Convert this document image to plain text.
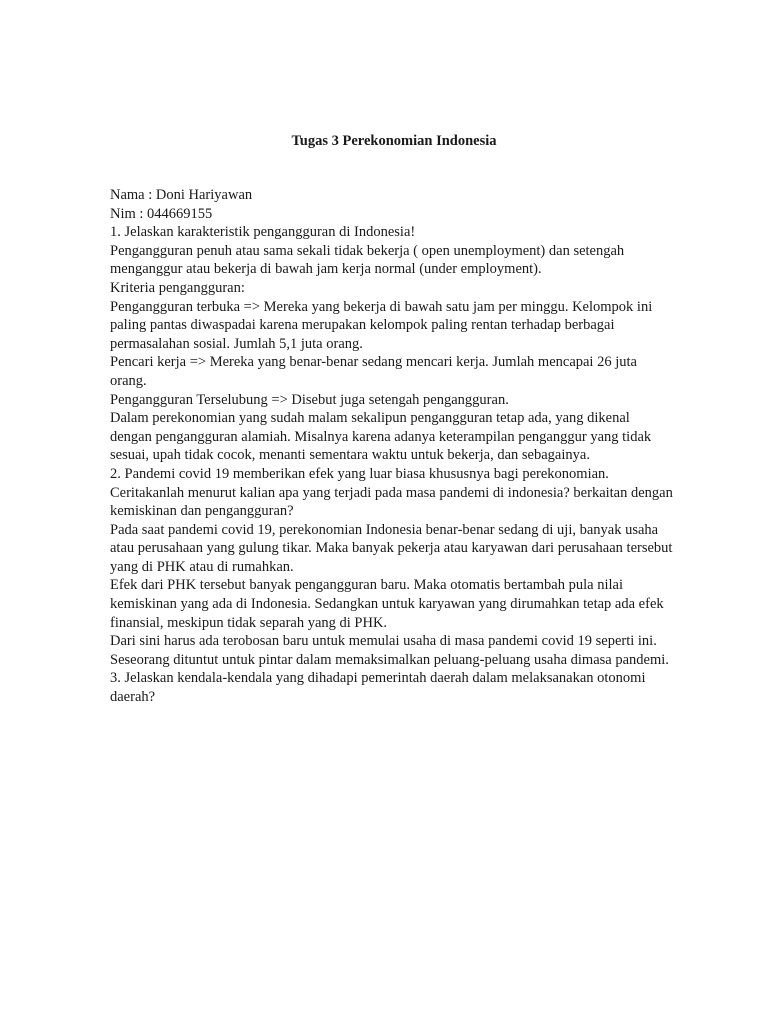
Tugas 3 Perekonomian Indonesia

Nama : Doni Hariyawan

Nim : 044669155

1. Jelaskan karakteristik pengangguran di Indonesia!

Pengangguran penuh atau sama sekali tidak bekerja ( open unemployment) dan setengah menganggur atau bekerja di bawah jam kerja normal (under employment).

Kriteria pengangguran:

Pengangguran terbuka => Mereka yang bekerja di bawah satu jam per minggu. Kelompok ini paling pantas diwaspadai karena merupakan kelompok paling rentan terhadap berbagai permasalahan sosial. Jumlah 5,1 juta orang.

Pencari kerja => Mereka yang benar-benar sedang mencari kerja. Jumlah mencapai 26 juta orang.

Pengangguran Terselubung => Disebut juga setengah pengangguran.

Dalam perekonomian yang sudah malam sekalipun pengangguran tetap ada, yang dikenal dengan pengangguran alamiah. Misalnya karena adanya keterampilan penganggur yang tidak sesuai, upah tidak cocok, menanti sementara waktu untuk bekerja, dan sebagainya.

2. Pandemi covid 19 memberikan efek yang luar biasa khususnya bagi perekonomian. Ceritakanlah menurut kalian apa yang terjadi pada masa pandemi di indonesia? berkaitan dengan kemiskinan dan pengangguran?

Pada saat pandemi covid 19, perekonomian Indonesia benar-benar sedang di uji, banyak usaha atau perusahaan yang gulung tikar. Maka banyak pekerja atau karyawan dari perusahaan tersebut yang di PHK atau di rumahkan.

Efek dari PHK tersebut banyak pengangguran baru. Maka otomatis bertambah pula nilai kemiskinan yang ada di Indonesia. Sedangkan untuk karyawan yang dirumahkan tetap ada efek finansial, meskipun tidak separah yang di PHK.

Dari sini harus ada terobosan baru untuk memulai usaha di masa pandemi covid 19 seperti ini. Seseorang dituntut untuk pintar dalam memaksimalkan peluang-peluang usaha dimasa pandemi.

3. Jelaskan kendala-kendala yang dihadapi pemerintah daerah dalam melaksanakan otonomi daerah?
